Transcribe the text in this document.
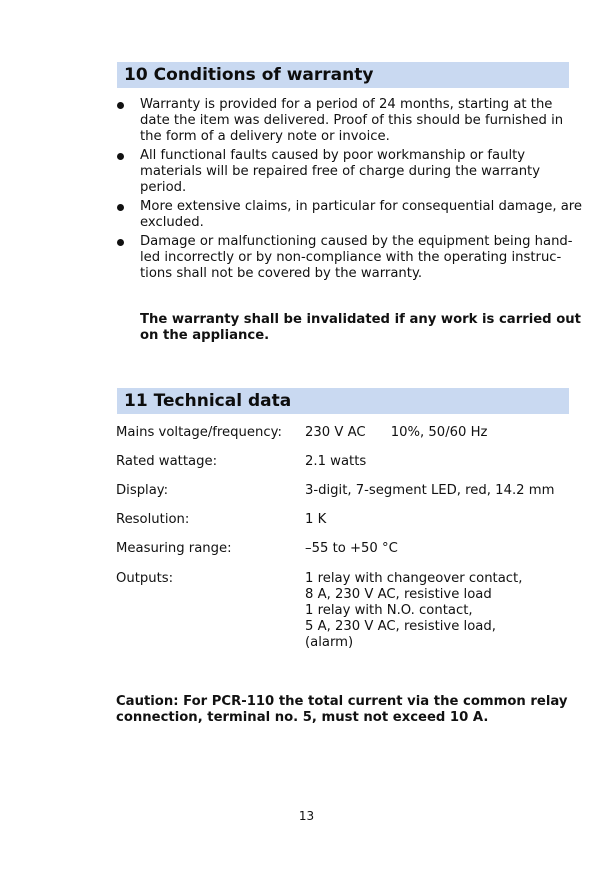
10 Conditions of warranty
Warranty is provided for a period of 24 months, starting at the
date the item was delivered. Proof of this should be furnished in
the form of a delivery note or invoice.
All functional faults caused by poor workmanship or faulty
materials will be repaired free of charge during the warranty
period.
More extensive claims, in particular for consequential damage, are
excluded.
Damage or malfunctioning caused by the equipment being hand-
led incorrectly or by non-compliance with the operating instruc-
tions shall not be covered by the warranty.
The warranty shall be invalidated if any work is carried out
on the appliance.
11 Technical data
Mains voltage/frequency: 230 V AC      10%, 50/60 Hz
Rated wattage:	2.1 watts
Display:	3-digit, 7-segment LED, red, 14.2 mm
Resolution:	1 K
Measuring range:	–55 to +50 °C
Outputs:	1 relay with changeover contact,
8 A, 230 V AC, resistive load
1 relay with N.O. contact,
5 A, 230 V AC, resistive load,
(alarm)
Caution: For PCR-110 the total current via the common relay
connection, terminal no. 5, must not exceed 10 A.
13
